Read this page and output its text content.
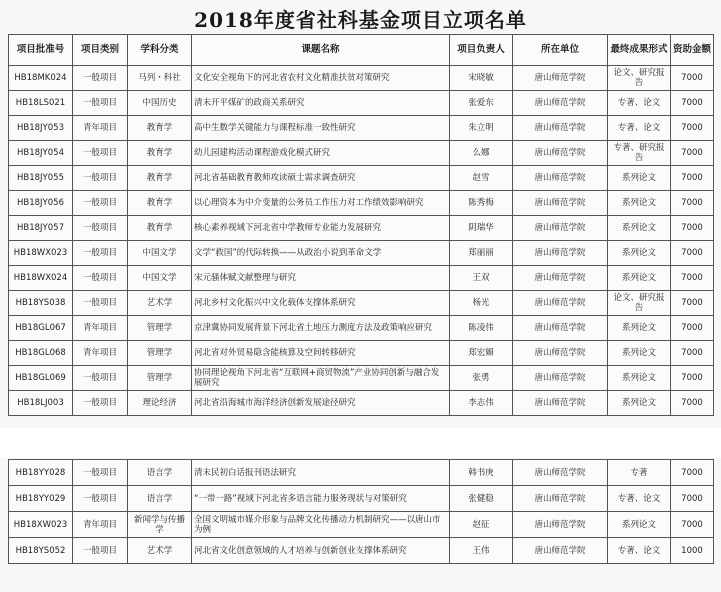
2018年度省社科基金项目立项名单
项目批准号	项目类别	学科分类	课题名称	项目负责人	所在单位	最终成果形式	资助金额
HB18MK024	一般项目	马列・科社	文化安全视角下的河北省农村文化精准扶贫对策研究	宋晓敏	唐山师范学院	论文、研究报告	7000
HB18LS021	一般项目	中国历史	清末开平煤矿的政商关系研究	张爱东	唐山师范学院	专著、论文	7000
HB18JY053	青年项目	教育学	高中生数学关键能力与课程标准一致性研究	朱立明	唐山师范学院	专著、论文	7000
HB18JY054	一般项目	教育学	幼儿园建构活动课程游戏化模式研究	么娜	唐山师范学院	专著、研究报告	7000
HB18JY055	一般项目	教育学	河北省基础教育教师攻读硕士需求调查研究	赵雪	唐山师范学院	系列论文	7000
HB18JY056	一般项目	教育学	以心理资本为中介变量的公务员工作压力对工作绩效影响研究	陈秀梅	唐山师范学院	系列论文	7000
HB18JY057	一般项目	教育学	核心素养视域下河北省中学教师专业能力发展研究	阴瑞华	唐山师范学院	系列论文	7000
HB18WX023	一般项目	中国文学	文学“救国”的代际转换——从政治小说到革命文学	郑丽丽	唐山师范学院	系列论文	7000
HB18WX024	一般项目	中国文学	宋元骚体赋文献整理与研究	王双	唐山师范学院	系列论文	7000
HB18YS038	一般项目	艺术学	河北乡村文化振兴中文化载体支撑体系研究	杨光	唐山师范学院	论文、研究报告	7000
HB18GL067	青年项目	管理学	京津冀协同发展背景下河北省土地压力测度方法及政策响应研究	陈凌伟	唐山师范学院	系列论文	7000
HB18GL068	青年项目	管理学	河北省对外贸易隐含能核算及空间转移研究	郑宏媚	唐山师范学院	系列论文	7000
HB18GL069	一般项目	管理学	协同理论视角下河北省“互联网+商贸物流”产业协同创新与融合发展研究	张勇	唐山师范学院	系列论文	7000
HB18LJ003	一般项目	理论经济	河北省沿海城市海洋经济创新发展途径研究	李志伟	唐山师范学院	系列论文	7000
HB18YY028	一般项目	语言学	清末民初白话报刊语法研究	韩书庚	唐山师范学院	专著	7000
HB18YY029	一般项目	语言学	“一带一路”视域下河北省多语言能力服务现状与对策研究	张健稳	唐山师范学院	专著、论文	7000
HB18XW023	青年项目	新闻学与传播学	全国文明城市媒介形象与品牌文化传播动力机制研究——以唐山市为例	赵征	唐山师范学院	系列论文	7000
HB18YS052	一般项目	艺术学	河北省文化创意领域的人才培养与创新创业支撑体系研究	王伟	唐山师范学院	专著、论文	1000
